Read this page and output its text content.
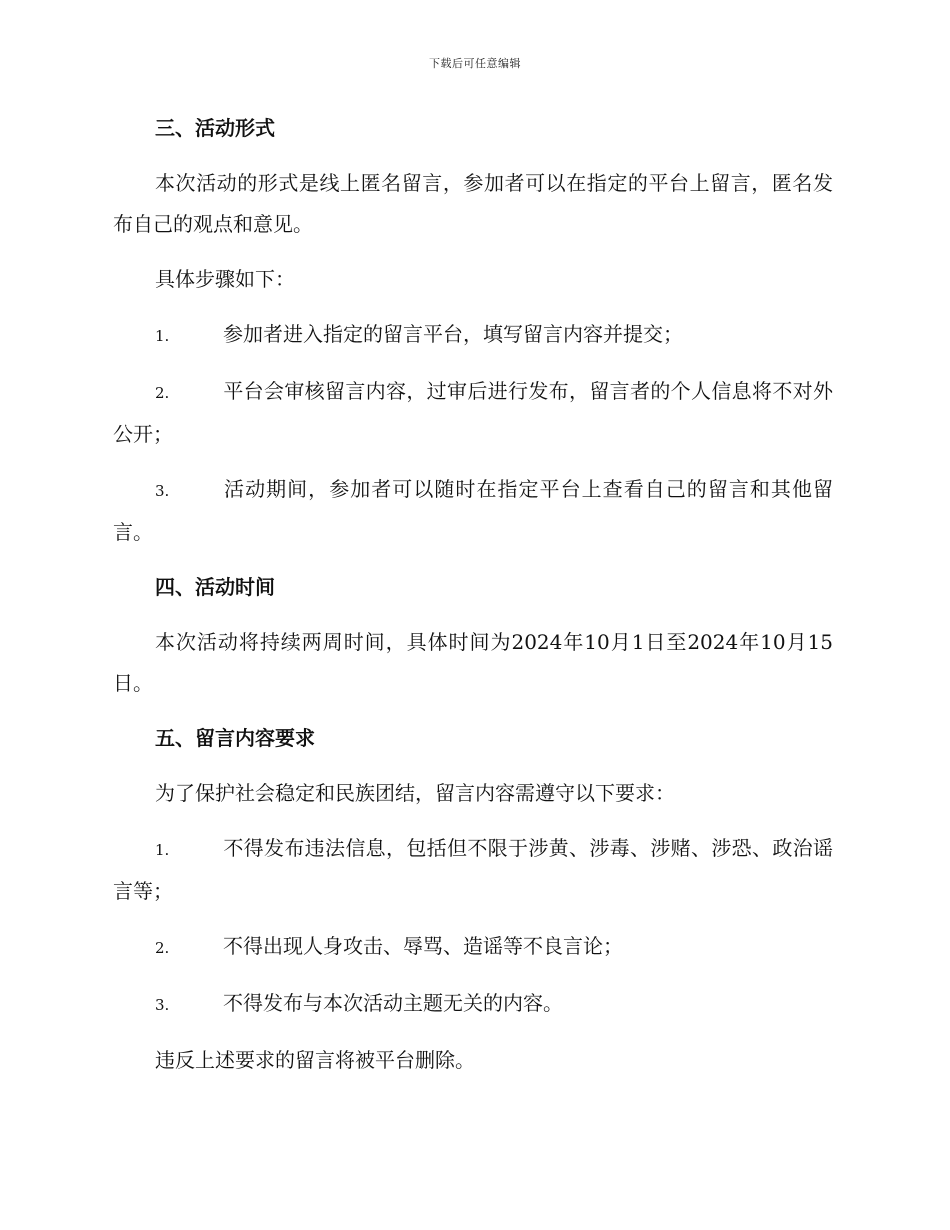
下载后可任意编辑
三、活动形式
本次活动的形式是线上匿名留言，参加者可以在指定的平台上留言，匿名发布自己的观点和意见。
具体步骤如下：
1.	参加者进入指定的留言平台，填写留言内容并提交；
2.	平台会审核留言内容，过审后进行发布，留言者的个人信息将不对外公开；
3.	活动期间，参加者可以随时在指定平台上查看自己的留言和其他留言。
四、活动时间
本次活动将持续两周时间，具体时间为2024年10月1日至2024年10月15日。
五、留言内容要求
为了保护社会稳定和民族团结，留言内容需遵守以下要求：
1.	不得发布违法信息，包括但不限于涉黄、涉毒、涉赌、涉恐、政治谣言等；
2.	不得出现人身攻击、辱骂、造谣等不良言论；
3.	不得发布与本次活动主题无关的内容。
违反上述要求的留言将被平台删除。
